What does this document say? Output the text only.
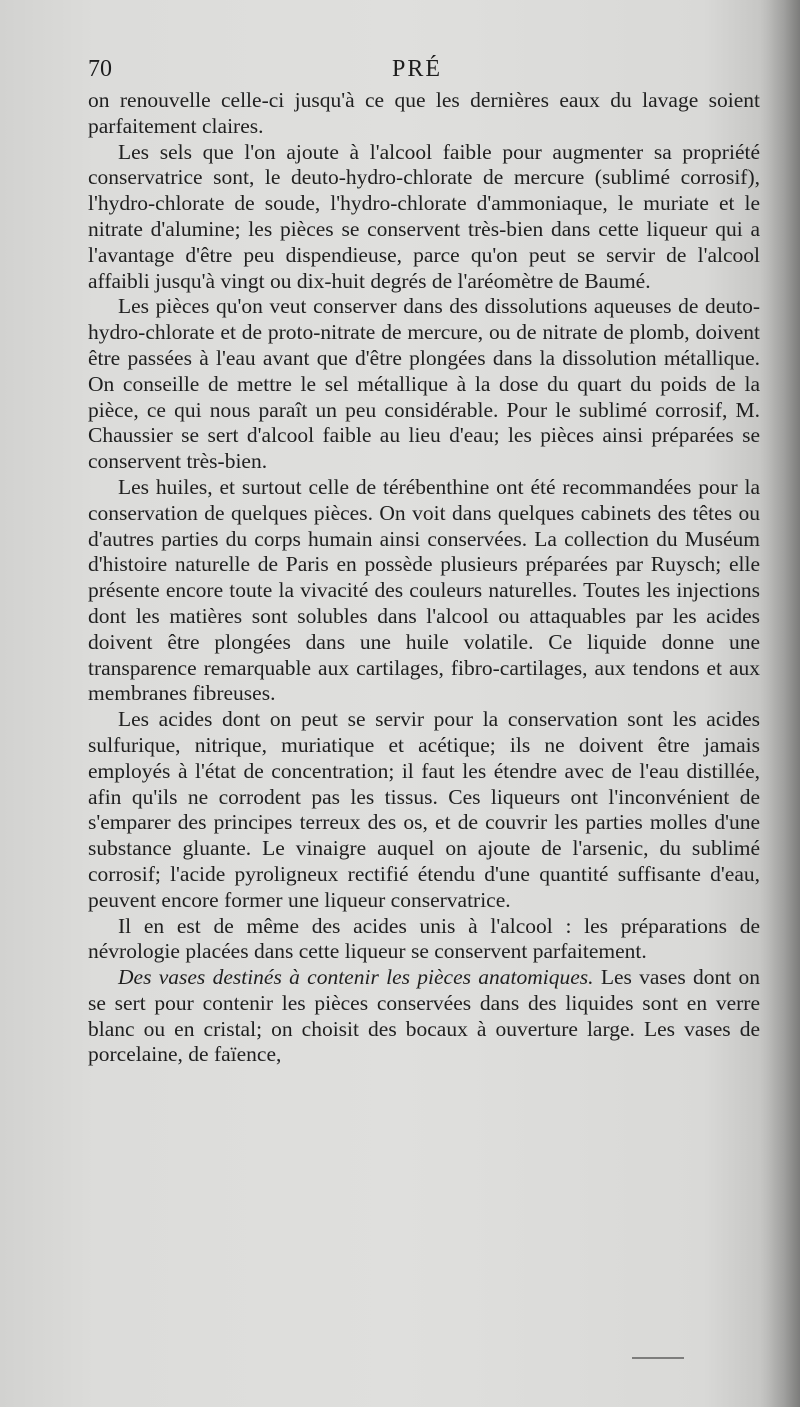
70	PRÉ

on renouvelle celle-ci jusqu'à ce que les dernières eaux du lavage soient parfaitement claires.

Les sels que l'on ajoute à l'alcool faible pour augmenter sa propriété conservatrice sont, le deuto-hydro-chlorate de mercure (sublimé corrosif), l'hydro-chlorate de soude, l'hydro-chlorate d'ammoniaque, le muriate et le nitrate d'alumine; les pièces se conservent très-bien dans cette liqueur qui a l'avantage d'être peu dispendieuse, parce qu'on peut se servir de l'alcool affaibli jusqu'à vingt ou dix-huit degrés de l'aréomètre de Baumé.

Les pièces qu'on veut conserver dans des dissolutions aqueuses de deuto-hydro-chlorate et de proto-nitrate de mercure, ou de nitrate de plomb, doivent être passées à l'eau avant que d'être plongées dans la dissolution métallique. On conseille de mettre le sel métallique à la dose du quart du poids de la pièce, ce qui nous paraît un peu considérable. Pour le sublimé corrosif, M. Chaussier se sert d'alcool faible au lieu d'eau; les pièces ainsi préparées se conservent très-bien.

Les huiles, et surtout celle de térébenthine ont été recommandées pour la conservation de quelques pièces. On voit dans quelques cabinets des têtes ou d'autres parties du corps humain ainsi conservées. La collection du Muséum d'histoire naturelle de Paris en possède plusieurs préparées par Ruysch; elle présente encore toute la vivacité des couleurs naturelles. Toutes les injections dont les matières sont solubles dans l'alcool ou attaquables par les acides doivent être plongées dans une huile volatile. Ce liquide donne une transparence remarquable aux cartilages, fibro-cartilages, aux tendons et aux membranes fibreuses.

Les acides dont on peut se servir pour la conservation sont les acides sulfurique, nitrique, muriatique et acétique; ils ne doivent être jamais employés à l'état de concentration; il faut les étendre avec de l'eau distillée, afin qu'ils ne corrodent pas les tissus. Ces liqueurs ont l'inconvénient de s'emparer des principes terreux des os, et de couvrir les parties molles d'une substance gluante. Le vinaigre auquel on ajoute de l'arsenic, du sublimé corrosif; l'acide pyroligneux rectifié étendu d'une quantité suffisante d'eau, peuvent encore former une liqueur conservatrice.

Il en est de même des acides unis à l'alcool : les préparations de névrologie placées dans cette liqueur se conservent parfaitement.

Des vases destinés à contenir les pièces anatomiques. Les vases dont on se sert pour contenir les pièces conservées dans des liquides sont en verre blanc ou en cristal; on choisit des bocaux à ouverture large. Les vases de porcelaine, de faïence,
